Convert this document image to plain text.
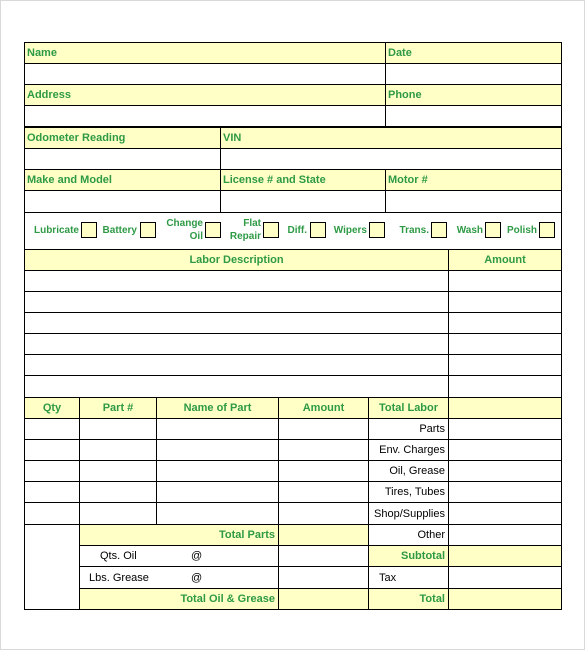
Name	Date
Address	Phone
Odometer Reading	VIN
Make and Model	License # and State	Motor #
Lubricate Battery
Change
Oil
Flat
Repair
Diff.	Wipers	Trans.	Wash	Polish
Labor Description	Amount
Qty	Part #	Name of Part	Amount	Total Labor
Parts
Env. Charges
Oil, Grease
Tires, Tubes
Shop/Supplies
Total Parts	Other
Qts. Oil	@	Subtotal
Lbs. Grease	@	Tax
Total Oil & Grease	Total
